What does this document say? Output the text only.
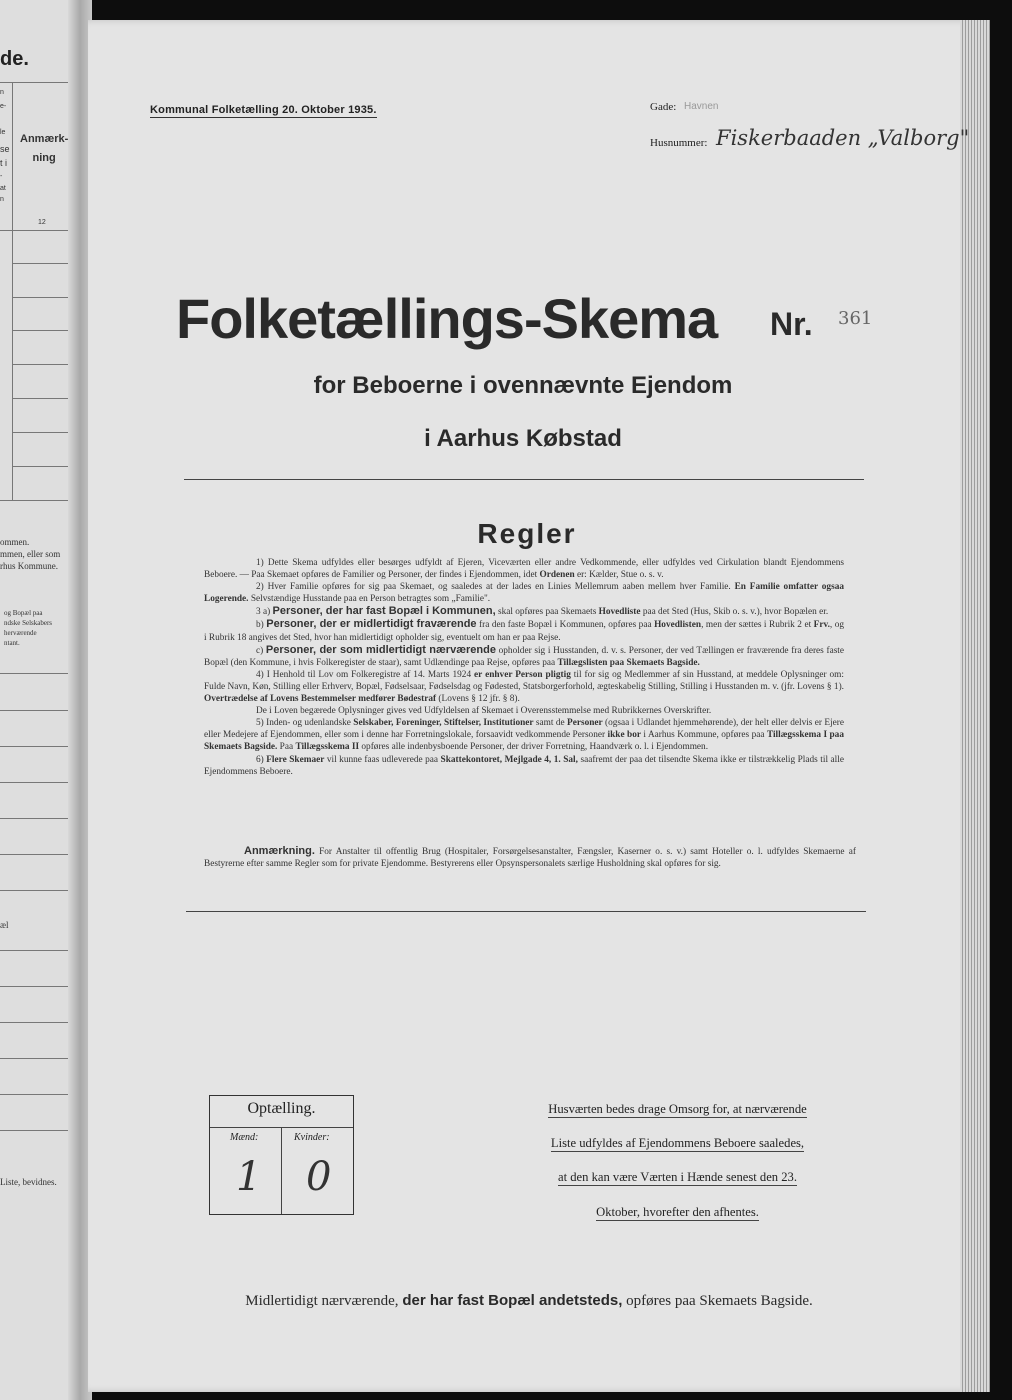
de.
n
e-
le
se
t i
-
at
n
Anmærk-
ning
12
ommen.
mmen, eller som
rhus Kommune.
og Bopæl paa
ndske Selskabers
herværende
ntant.
æl
Liste, bevidnes.
Kommunal Folketælling 20. Oktober 1935.	Gade: Havnen
Husnummer: Fiskerbaaden „Valborg"
Folketællings-Skema Nr. 361
for Beboerne i ovennævnte Ejendom
i Aarhus Købstad
Regler

1) Dette Skema udfyldes eller besørges udfyldt af Ejeren, Viceværten eller andre Vedkommende, eller udfyldes ved Cirkulation blandt Ejendommens Beboere. — Paa Skemaet opføres de Familier og Personer, der findes i Ejendommen, idet Ordenen er: Kælder, Stue o. s. v.

2) Hver Familie opføres for sig paa Skemaet, og saaledes at der lades en Linies Mellemrum aaben mellem hver Familie. En Familie omfatter ogsaa Logerende. Selvstændige Husstande paa en Person betragtes som „Familie".

3 a) Personer, der har fast Bopæl i Kommunen, skal opføres paa Skemaets Hovedliste paa det Sted (Hus, Skib o. s. v.), hvor Bopælen er.

b) Personer, der er midlertidigt fraværende fra den faste Bopæl i Kommunen, opføres paa Hovedlisten, men der sættes i Rubrik 2 et Frv., og i Rubrik 18 angives det Sted, hvor han midlertidigt opholder sig, eventuelt om han er paa Rejse.

c) Personer, der som midlertidigt nærværende opholder sig i Husstanden, d. v. s. Personer, der ved Tællingen er fraværende fra deres faste Bopæl (den Kommune, i hvis Folkeregister de staar), samt Udlændinge paa Rejse, opføres paa Tillægslisten paa Skemaets Bagside.

4) I Henhold til Lov om Folkeregistre af 14. Marts 1924 er enhver Person pligtig til for sig og Medlemmer af sin Husstand, at meddele Oplysninger om: Fulde Navn, Køn, Stilling eller Erhverv, Bopæl, Fødselsaar, Fødselsdag og Fødested, Statsborgerforhold, ægteskabelig Stilling, Stilling i Husstanden m. v. (jfr. Lovens § 1). Overtrædelse af Lovens Bestemmelser medfører Bødestraf (Lovens § 12 jfr. § 8).

De i Loven begærede Oplysninger gives ved Udfyldelsen af Skemaet i Overensstemmelse med Rubrikkernes Overskrifter.

5) Inden- og udenlandske Selskaber, Foreninger, Stiftelser, Institutioner samt de Personer (ogsaa i Udlandet hjemmehørende), der helt eller delvis er Ejere eller Medejere af Ejendommen, eller som i denne har Forretningslokale, forsaavidt vedkommende Personer ikke bor i Aarhus Kommune, opføres paa Tillægsskema I paa Skemaets Bagside. Paa Tillægsskema II opføres alle indenbysboende Personer, der driver Forretning, Haandværk o. l. i Ejendommen.

6) Flere Skemaer vil kunne faas udleverede paa Skattekontoret, Mejlgade 4, 1. Sal, saafremt der paa det tilsendte Skema ikke er tilstrækkelig Plads til alle Ejendommens Beboere.

Anmærkning. For Anstalter til offentlig Brug (Hospitaler, Forsørgelsesanstalter, Fængsler, Kaserner o. s. v.) samt Hoteller o. l. udfyldes Skemaerne af Bestyrerne efter samme Regler som for private Ejendomme. Bestyrerens eller Opsynspersonalets særlige Husholdning skal opføres for sig.

Optælling.
Mænd:	Kvinder:
1 0
Husværten bedes drage Omsorg for, at nærværende
Liste udfyldes af Ejendommens Beboere saaledes,
at den kan være Værten i Hænde senest den 23.
Oktober, hvorefter den afhentes.
Midlertidigt nærværende, der har fast Bopæl andetsteds, opføres paa Skemaets Bagside.
